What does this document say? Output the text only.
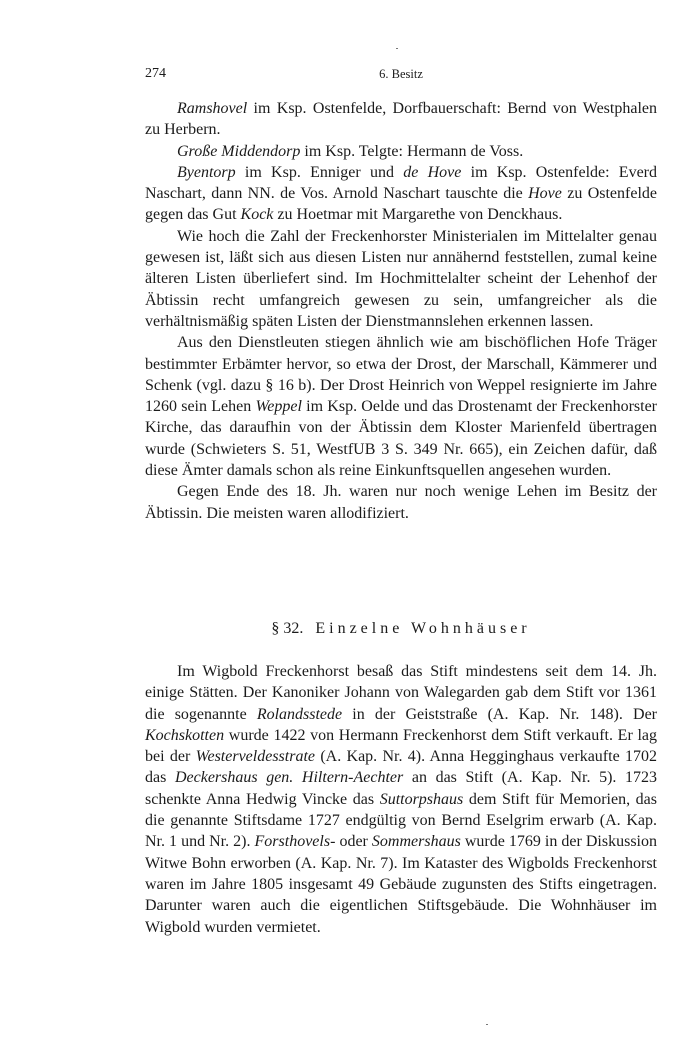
274	6. Besitz

Ramshovel im Ksp. Ostenfelde, Dorfbauerschaft: Bernd von Westphalen zu Herbern.

Große Middendorp im Ksp. Telgte: Hermann de Voss.

Byentorp im Ksp. Enniger und de Hove im Ksp. Ostenfelde: Everd Naschart, dann NN. de Vos. Arnold Naschart tauschte die Hove zu Ostenfelde gegen das Gut Kock zu Hoetmar mit Margarethe von Denckhaus.

Wie hoch die Zahl der Freckenhorster Ministerialen im Mittelalter genau gewesen ist, läßt sich aus diesen Listen nur annähernd feststellen, zumal keine älteren Listen überliefert sind. Im Hochmittelalter scheint der Lehenhof der Äbtissin recht umfangreich gewesen zu sein, umfangreicher als die verhältnismäßig späten Listen der Dienstmannslehen erkennen lassen.

Aus den Dienstleuten stiegen ähnlich wie am bischöflichen Hofe Träger bestimmter Erbämter hervor, so etwa der Drost, der Marschall, Kämmerer und Schenk (vgl. dazu § 16 b). Der Drost Heinrich von Weppel resignierte im Jahre 1260 sein Lehen Weppel im Ksp. Oelde und das Drostenamt der Freckenhorster Kirche, das daraufhin von der Äbtissin dem Kloster Marienfeld übertragen wurde (Schwieters S. 51, WestfUB 3 S. 349 Nr. 665), ein Zeichen dafür, daß diese Ämter damals schon als reine Einkunftsquellen angesehen wurden.

Gegen Ende des 18. Jh. waren nur noch wenige Lehen im Besitz der Äbtissin. Die meisten waren allodifiziert.

§ 32. Einzelne Wohnhäuser

Im Wigbold Freckenhorst besaß das Stift mindestens seit dem 14. Jh. einige Stätten. Der Kanoniker Johann von Walegarden gab dem Stift vor 1361 die sogenannte Rolandsstede in der Geiststraße (A. Kap. Nr. 148). Der Kochskotten wurde 1422 von Hermann Freckenhorst dem Stift verkauft. Er lag bei der Westerveldesstrate (A. Kap. Nr. 4). Anna Hegginghaus verkaufte 1702 das Deckershaus gen. Hiltern-Aechter an das Stift (A. Kap. Nr. 5). 1723 schenkte Anna Hedwig Vincke das Suttorpshaus dem Stift für Memorien, das die genannte Stiftsdame 1727 endgültig von Bernd Eselgrim erwarb (A. Kap. Nr. 1 und Nr. 2). Forsthovels- oder Sommershaus wurde 1769 in der Diskussion Witwe Bohn erworben (A. Kap. Nr. 7). Im Kataster des Wigbolds Freckenhorst waren im Jahre 1805 insgesamt 49 Gebäude zugunsten des Stifts eingetragen. Darunter waren auch die eigentlichen Stiftsgebäude. Die Wohnhäuser im Wigbold wurden vermietet.
